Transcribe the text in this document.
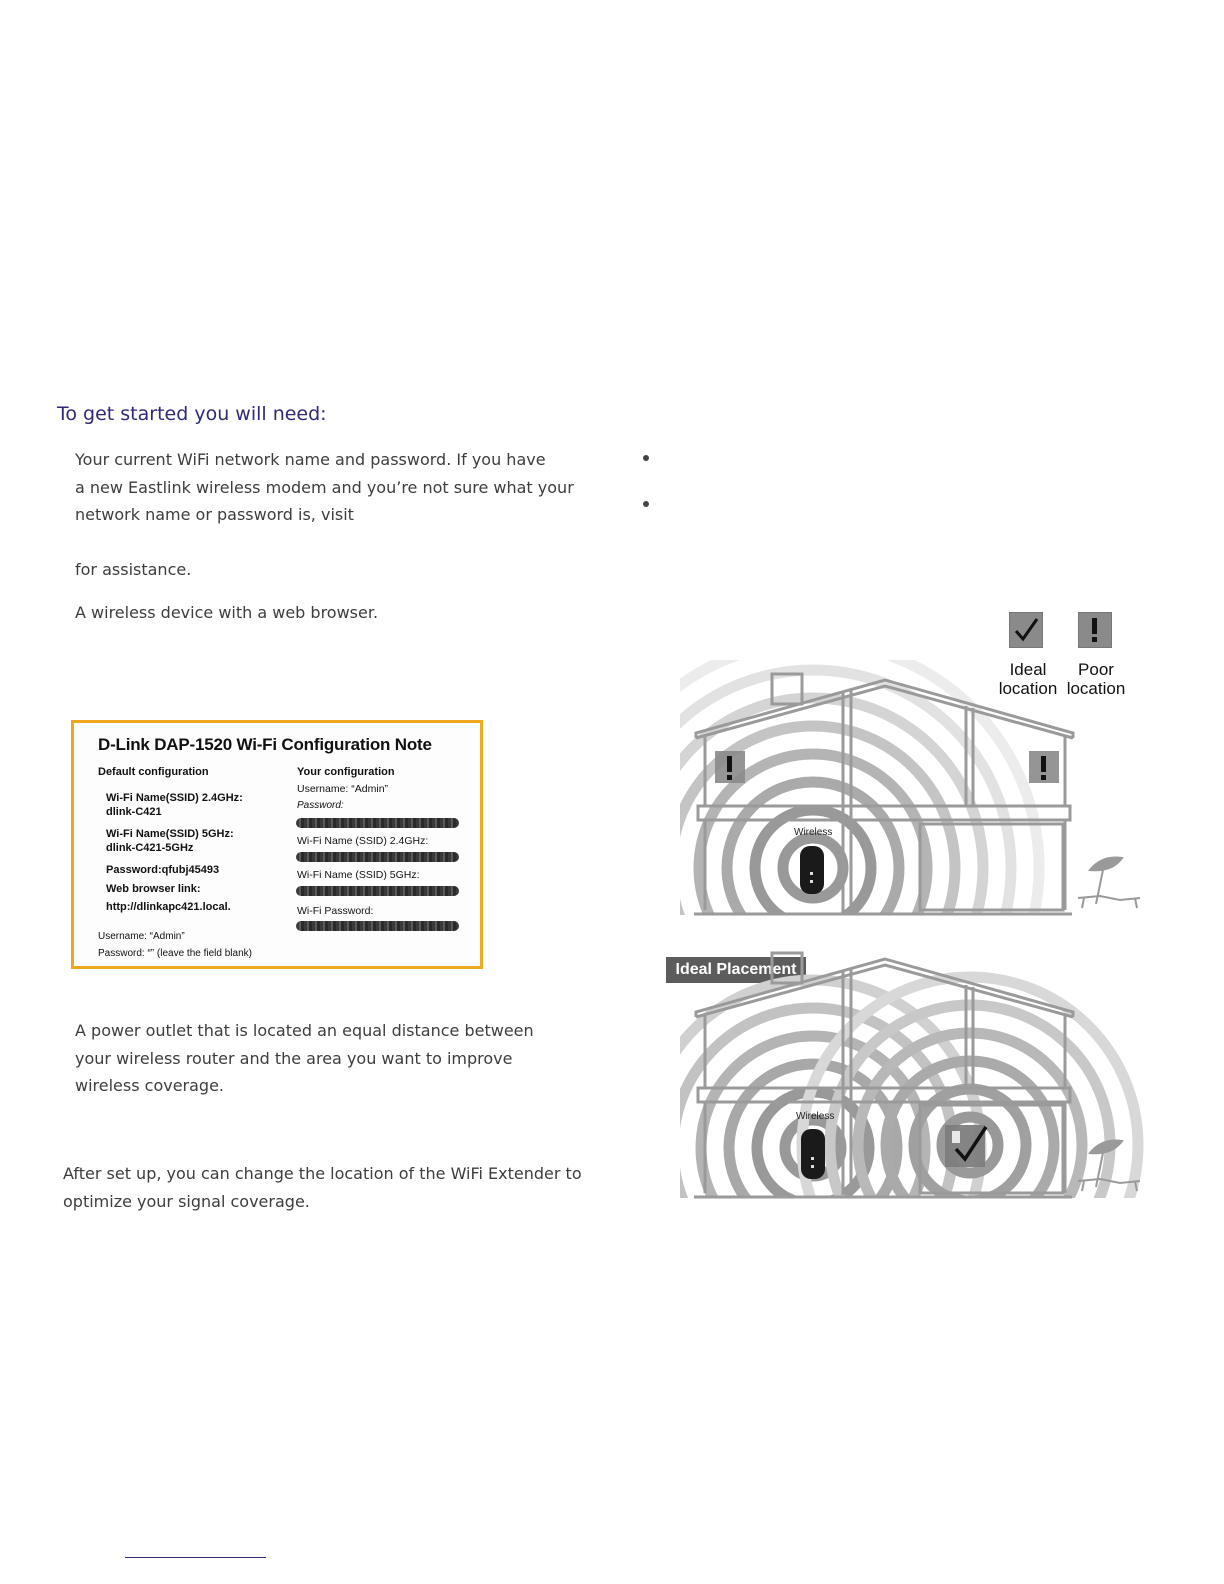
To get started you will need:

Your current WiFi network name and password. If you have

a new Eastlink wireless modem and you’re not sure what your

network name or password is, visit

for assistance.

A wireless device with a web browser.

D-Link DAP-1520 Wi-Fi Configuration Note
Default configuration	Your configuration
Wi-Fi Name(SSID) 2.4GHz:
dlink-C421
Wi-Fi Name(SSID) 5GHz:
dlink-C421-5GHz
Password:qfubj45493
Web browser link:
http://dlinkapc421.local.
Username: “Admin”
Password: “” (leave the field blank)
Username: “Admin”
Password:
Wi-Fi Name (SSID) 2.4GHz:
Wi-Fi Name (SSID) 5GHz:
Wi-Fi Password:

A power outlet that is located an equal distance between

your wireless router and the area you want to improve

wireless coverage.

After set up, you can change the location of the WiFi Extender to

optimize your signal coverage.

Ideal
location
Poor
location
Wireless
Ideal Placement
Wireless
